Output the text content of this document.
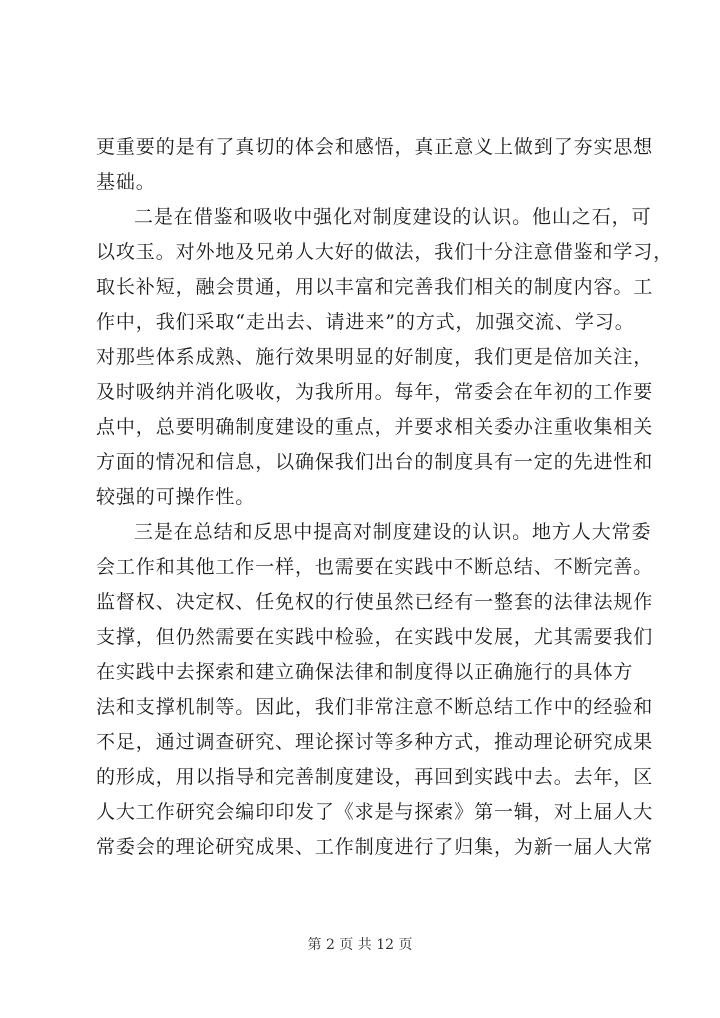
更重要的是有了真切的体会和感悟，真正意义上做到了夯实思想
基础。
二是在借鉴和吸收中强化对制度建设的认识。他山之石，可
以攻玉。对外地及兄弟人大好的做法，我们十分注意借鉴和学习，
取长补短，融会贯通，用以丰富和完善我们相关的制度内容。工
作中，我们采取“走出去、请进来”的方式，加强交流、学习。
对那些体系成熟、施行效果明显的好制度，我们更是倍加关注，
及时吸纳并消化吸收，为我所用。每年，常委会在年初的工作要
点中，总要明确制度建设的重点，并要求相关委办注重收集相关
方面的情况和信息，以确保我们出台的制度具有一定的先进性和
较强的可操作性。
三是在总结和反思中提高对制度建设的认识。地方人大常委
会工作和其他工作一样，也需要在实践中不断总结、不断完善。
监督权、决定权、任免权的行使虽然已经有一整套的法律法规作
支撑，但仍然需要在实践中检验，在实践中发展，尤其需要我们
在实践中去探索和建立确保法律和制度得以正确施行的具体方
法和支撑机制等。因此，我们非常注意不断总结工作中的经验和
不足，通过调查研究、理论探讨等多种方式，推动理论研究成果
的形成，用以指导和完善制度建设，再回到实践中去。去年，区
人大工作研究会编印印发了《求是与探索》第一辑，对上届人大
常委会的理论研究成果、工作制度进行了归集，为新一届人大常
第 2 页 共 12 页
